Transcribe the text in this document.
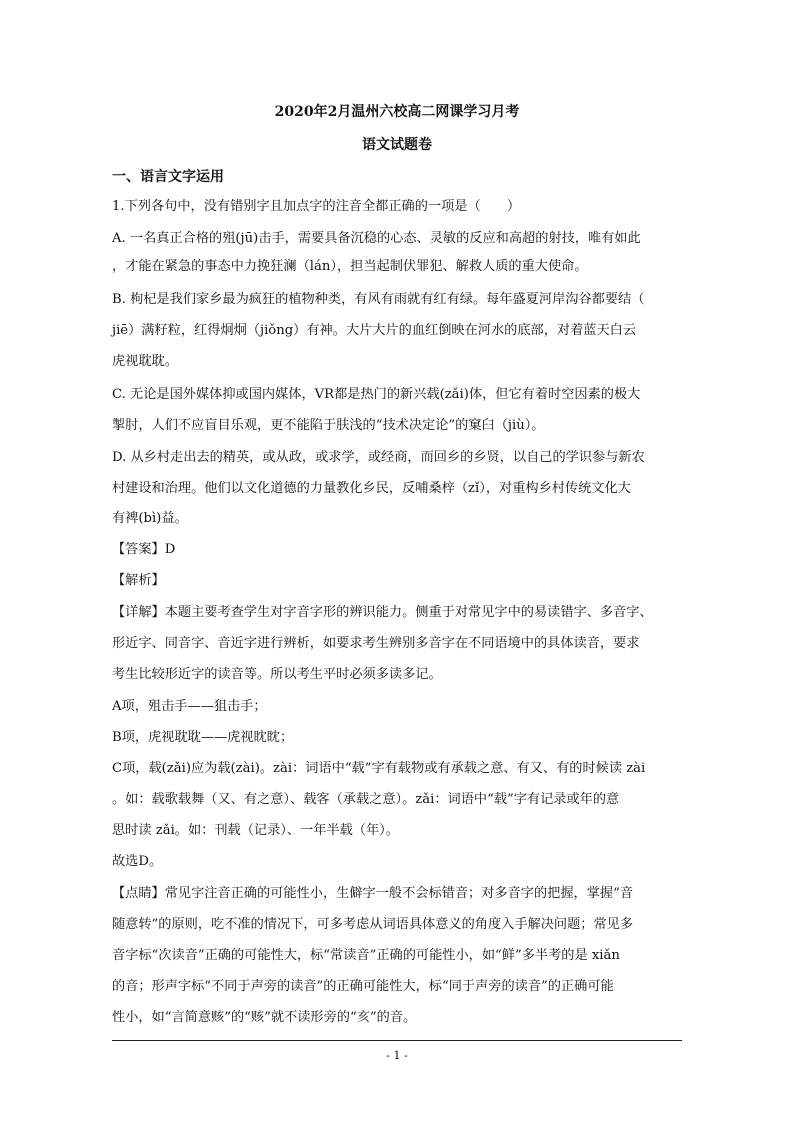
2020年2月温州六校高二网课学习月考
语文试题卷
一、语言文字运用
1.下列各句中，没有错别字且加点字的注音全都正确的一项是（　　）
A. 一名真正合格的殂(jū)击手，需要具备沉稳的心态、灵敏的反应和高超的射技，唯有如此
，才能在紧急的事态中力挽狂澜（lán），担当起制伏罪犯、解救人质的重大使命。
B. 枸杞是我们家乡最为疯狂的植物种类，有风有雨就有红有绿。每年盛夏河岸沟谷都要结（
jiē）满籽粒，红得炯炯（jiǒng）有神。大片大片的血红倒映在河水的底部，对着蓝天白云
虎视耽耽。
C. 无论是国外媒体抑或国内媒体，VR都是热门的新兴载(zǎi)体，但它有着时空因素的极大
掣肘，人们不应盲目乐观，更不能陷于肤浅的“技术决定论”的窠臼（jiù）。
D. 从乡村走出去的精英，或从政，或求学，或经商，而回乡的乡贤，以自己的学识参与新农
村建设和治理。他们以文化道德的力量教化乡民，反哺桑梓（zǐ），对重构乡村传统文化大
有裨(bì)益。
【答案】D
【解析】
【详解】本题主要考查学生对字音字形的辨识能力。侧重于对常见字中的易读错字、多音字、
形近字、同音字、音近字进行辨析，如要求考生辨别多音字在不同语境中的具体读音，要求
考生比较形近字的读音等。所以考生平时必须多读多记。
A项，殂击手——狙击手；
B项，虎视耽耽——虎视眈眈；
C项，载(zǎi)应为载(zài)。zài：词语中“载”字有载物或有承载之意、有又、有的时候读 zài
。如：载歌载舞（又、有之意）、载客（承载之意）。zǎi：词语中“载”字有记录或年的意
思时读 zǎi。如：刊载（记录）、一年半载（年）。
故选D。
【点睛】常见字注音正确的可能性小，生僻字一般不会标错音；对多音字的把握，掌握“音
随意转”的原则，吃不准的情况下，可多考虑从词语具体意义的角度入手解决问题；常见多
音字标“次读音”正确的可能性大，标“常读音”正确的可能性小，如“鲜”多半考的是 xiǎn
的音；形声字标“不同于声旁的读音”的正确可能性大，标“同于声旁的读音”的正确可能
性小，如“言简意赅”的“赅”就不读形旁的“亥”的音。
- 1 -
